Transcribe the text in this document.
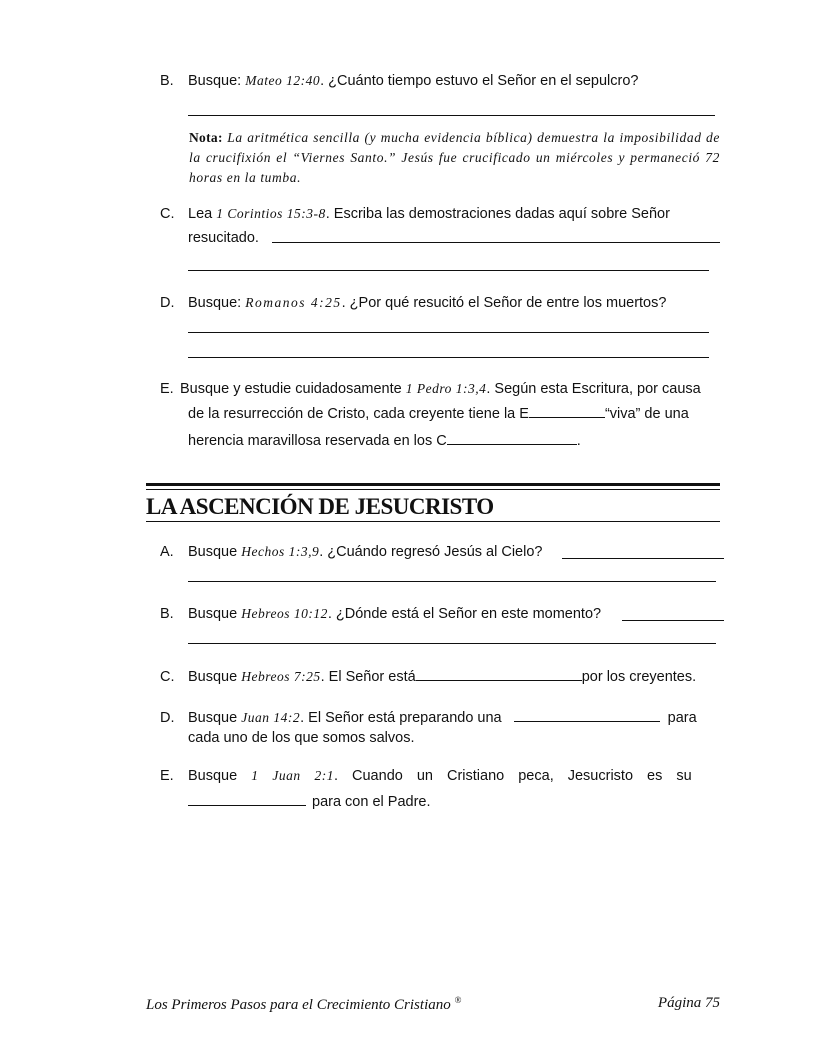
B. Busque: Mateo 12:40. ¿Cuánto tiempo estuvo el Señor en el sepulcro?
Nota: La aritmética sencilla (y mucha evidencia bíblica) demuestra la imposibilidad de la crucifixión el “Viernes Santo.” Jesús fue crucificado un miércoles y permaneció 72 horas en la tumba.
C. Lea 1 Corintios 15:3-8. Escriba las demostraciones dadas aquí sobre Señor
resucitado.
D. Busque: Romanos 4:25. ¿Por qué resucitó el Señor de entre los muertos?
E. Busque y estudie cuidadosamente 1 Pedro 1:3,4. Según esta Escritura, por causa
de la resurrección de Cristo, cada creyente tiene la E	“viva” de una
herencia maravillosa reservada en los C	.
LA ASCENCIÓN DE JESUCRISTO
A. Busque Hechos 1:3,9. ¿Cuándo regresó Jesús al Cielo?
B. Busque Hebreos 10:12. ¿Dónde está el Señor en este momento?
C. Busque Hebreos 7:25. El Señor está	por los creyentes.
D. Busque Juan 14:2. El Señor está preparando una	para
cada uno de los que somos salvos.
E. Busque 1 Juan 2:1. Cuando un Cristiano peca, Jesucristo es su
para con el Padre.
Los Primeros Pasos para el Crecimiento Cristiano ®	Página 75
